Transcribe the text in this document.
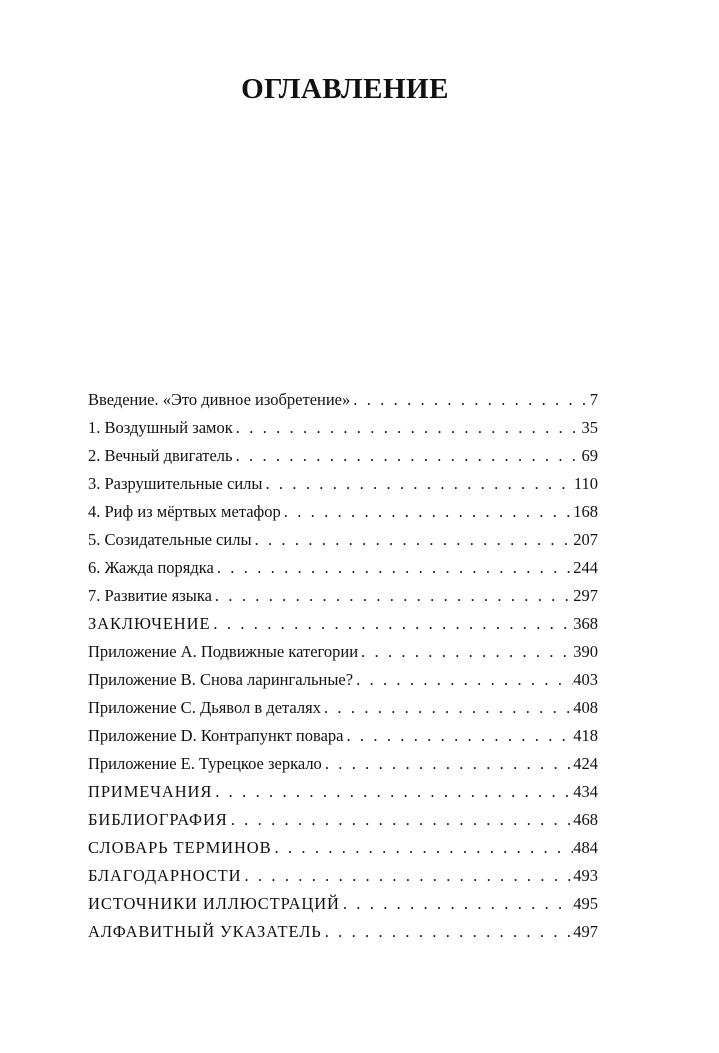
ОГЛАВЛЕНИЕ
Введение. «Это дивное изобретение» . . .	7
1. Воздушный замок . . .	35
2. Вечный двигатель . . .	69
3. Разрушительные силы . . .	110
4. Риф из мёртвых метафор . . .	168
5. Созидательные силы . . .	207
6. Жажда порядка . . .	244
7. Развитие языка . . .	297
ЗАКЛЮЧЕНИЕ . . .	368
Приложение A. Подвижные категории . . .	390
Приложение B. Снова ларингальные? . . .	403
Приложение C. Дьявол в деталях . . .	408
Приложение D. Контрапункт повара . . .	418
Приложение E. Турецкое зеркало . . .	424
ПРИМЕЧАНИЯ . . .	434
БИБЛИОГРАФИЯ . . .	468
СЛОВАРЬ ТЕРМИНОВ . . .	484
БЛАГОДАРНОСТИ . . .	493
ИСТОЧНИКИ ИЛЛЮСТРАЦИЙ . . .	495
АЛФАВИТНЫЙ УКАЗАТЕЛЬ . . .	497
